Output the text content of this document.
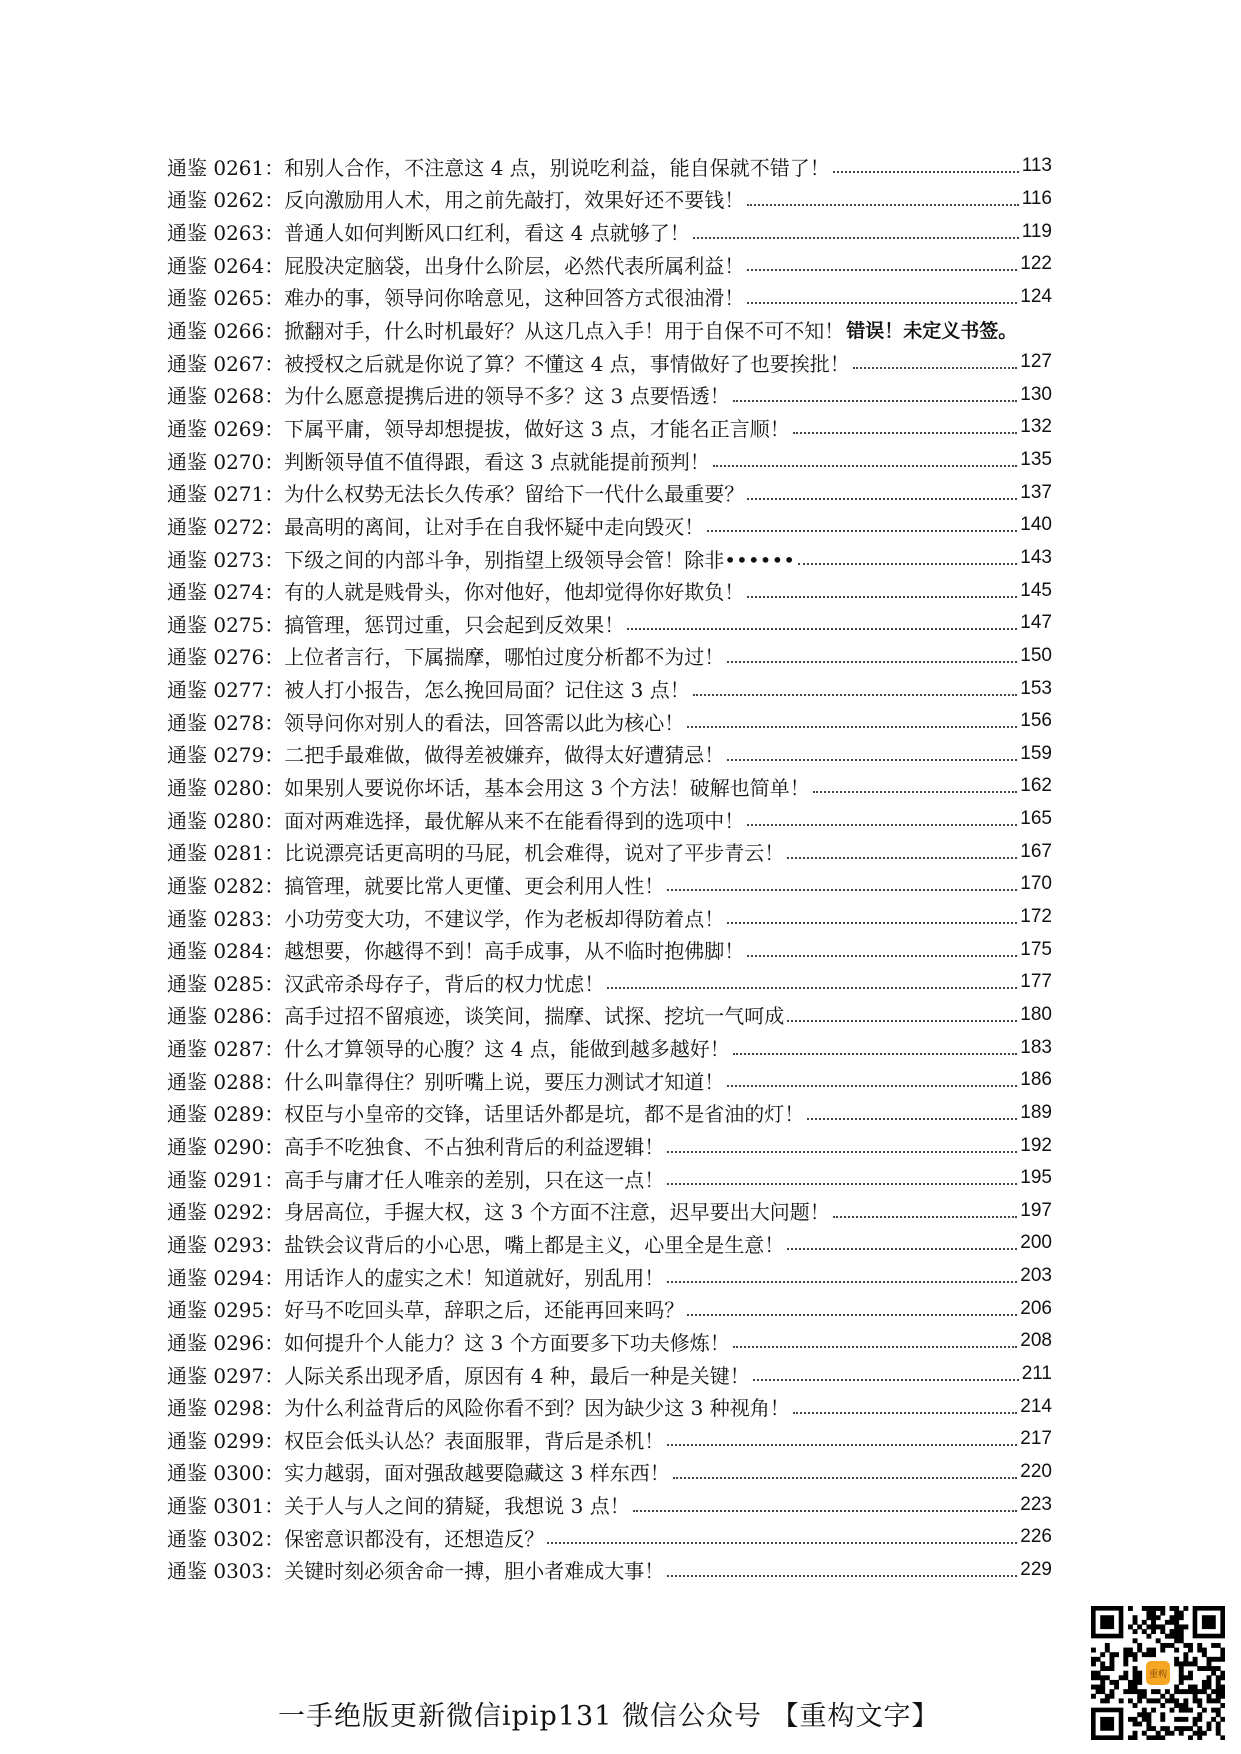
通鉴 0261： 和别人合作，不注意这 4 点，别说吃利益，能自保就不错了！	113
通鉴 0262： 反向激励用人术，用之前先敲打，效果好还不要钱！	116
通鉴 0263： 普通人如何判断风口红利，看这 4 点就够了！	119
通鉴 0264： 屁股决定脑袋，出身什么阶层，必然代表所属利益！	122
通鉴 0265： 难办的事，领导问你啥意见，这种回答方式很油滑！	124
通鉴 0266： 掀翻对手，什么时机最好？从这几点入手！用于自保不可不知！ 错误！未定义书签。
通鉴 0267： 被授权之后就是你说了算？不懂这 4 点，事情做好了也要挨批！	127
通鉴 0268： 为什么愿意提携后进的领导不多？这 3 点要悟透！	130
通鉴 0269： 下属平庸，领导却想提拔，做好这 3 点，才能名正言顺！	132
通鉴 0270： 判断领导值不值得跟，看这 3 点就能提前预判！	135
通鉴 0271： 为什么权势无法长久传承？留给下一代什么最重要？	137
通鉴 0272： 最高明的离间，让对手在自我怀疑中走向毁灭！	140
通鉴 0273： 下级之间的内部斗争，别指望上级领导会管！除非••••••	143
通鉴 0274： 有的人就是贱骨头，你对他好，他却觉得你好欺负！	145
通鉴 0275： 搞管理，惩罚过重，只会起到反效果！	147
通鉴 0276： 上位者言行，下属揣摩，哪怕过度分析都不为过！	150
通鉴 0277： 被人打小报告，怎么挽回局面？记住这 3 点！	153
通鉴 0278： 领导问你对别人的看法，回答需以此为核心！	156
通鉴 0279： 二把手最难做，做得差被嫌弃，做得太好遭猜忌！	159
通鉴 0280： 如果别人要说你坏话，基本会用这 3 个方法！破解也简单！	162
通鉴 0280： 面对两难选择，最优解从来不在能看得到的选项中！	165
通鉴 0281： 比说漂亮话更高明的马屁，机会难得，说对了平步青云！	167
通鉴 0282： 搞管理，就要比常人更懂、更会利用人性！	170
通鉴 0283： 小功劳变大功，不建议学，作为老板却得防着点！	172
通鉴 0284： 越想要，你越得不到！高手成事，从不临时抱佛脚！	175
通鉴 0285： 汉武帝杀母存子，背后的权力忧虑！	177
通鉴 0286： 高手过招不留痕迹，谈笑间，揣摩、试探、挖坑一气呵成	180
通鉴 0287： 什么才算领导的心腹？这 4 点，能做到越多越好！	183
通鉴 0288： 什么叫靠得住？别听嘴上说，要压力测试才知道！	186
通鉴 0289： 权臣与小皇帝的交锋，话里话外都是坑，都不是省油的灯！	189
通鉴 0290： 高手不吃独食、不占独利背后的利益逻辑！	192
通鉴 0291： 高手与庸才任人唯亲的差别，只在这一点！	195
通鉴 0292： 身居高位，手握大权，这 3 个方面不注意，迟早要出大问题！	197
通鉴 0293： 盐铁会议背后的小心思，嘴上都是主义，心里全是生意！	200
通鉴 0294： 用话诈人的虚实之术！知道就好，别乱用！	203
通鉴 0295： 好马不吃回头草，辞职之后，还能再回来吗？	206
通鉴 0296： 如何提升个人能力？这 3 个方面要多下功夫修炼！	208
通鉴 0297： 人际关系出现矛盾，原因有 4 种，最后一种是关键！	211
通鉴 0298： 为什么利益背后的风险你看不到？因为缺少这 3 种视角！	214
通鉴 0299： 权臣会低头认怂？表面服罪，背后是杀机！	217
通鉴 0300： 实力越弱，面对强敌越要隐藏这 3 样东西！	220
通鉴 0301： 关于人与人之间的猜疑，我想说 3 点！	223
通鉴 0302： 保密意识都没有，还想造反？	226
通鉴 0303： 关键时刻必须舍命一搏，胆小者难成大事！	229
一手绝版更新微信ipip131 微信公众号 【重构文字】
重构
